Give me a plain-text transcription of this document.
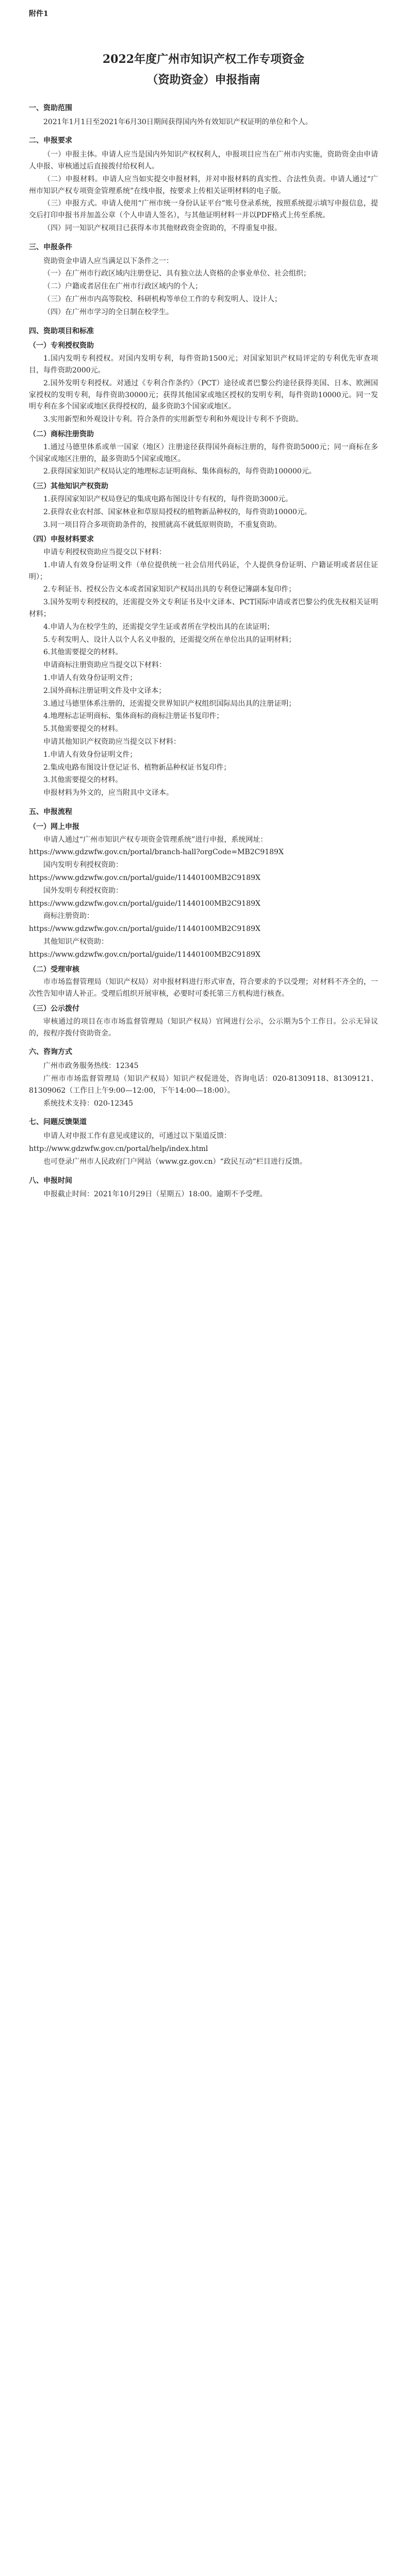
附件1
2022年度广州市知识产权工作专项资金
（资助资金）申报指南
一、资助范围

2021年1月1日至2021年6月30日期间获得国内外有效知识产权证明的单位和个人。

二、申报要求

（一）申报主体。申请人应当是国内外知识产权权利人，申报项目应当在广州市内实施，资助资金由申请人申报、审核通过后直接拨付给权利人。

（二）申报材料。申请人应当如实提交申报材料，并对申报材料的真实性、合法性负责。申请人通过“广州市知识产权专项资金管理系统”在线申报，按要求上传相关证明材料的电子版。

（三）申报方式。申请人使用“广州市统一身份认证平台”账号登录系统，按照系统提示填写申报信息，提交后打印申报书并加盖公章（个人申请人签名），与其他证明材料一并以PDF格式上传至系统。

（四）同一知识产权项目已获得本市其他财政资金资助的，不得重复申报。

三、申报条件

资助资金申请人应当满足以下条件之一：

（一）在广州市行政区域内注册登记、具有独立法人资格的企事业单位、社会组织；

（二）户籍或者居住在广州市行政区域内的个人；

（三）在广州市内高等院校、科研机构等单位工作的专利发明人、设计人；

（四）在广州市学习的全日制在校学生。

四、资助项目和标准
（一）专利授权资助

1.国内发明专利授权。对国内发明专利，每件资助1500元；对国家知识产权局评定的专利优先审查项目，每件资助2000元。

2.国外发明专利授权。对通过《专利合作条约》（PCT）途径或者巴黎公约途径获得美国、日本、欧洲国家授权的发明专利，每件资助30000元；获得其他国家或地区授权的发明专利，每件资助10000元。同一发明专利在多个国家或地区获得授权的，最多资助3个国家或地区。

3.实用新型和外观设计专利。符合条件的实用新型专利和外观设计专利不予资助。

（二）商标注册资助

1.通过马德里体系或单一国家（地区）注册途径获得国外商标注册的，每件资助5000元；同一商标在多个国家或地区注册的，最多资助5个国家或地区。

2.获得国家知识产权局认定的地理标志证明商标、集体商标的，每件资助100000元。

（三）其他知识产权资助

1.获得国家知识产权局登记的集成电路布图设计专有权的，每件资助3000元。

2.获得农业农村部、国家林业和草原局授权的植物新品种权的，每件资助10000元。

3.同一项目符合多项资助条件的，按照就高不就低原则资助，不重复资助。

（四）申报材料要求

申请专利授权资助应当提交以下材料：

1.申请人有效身份证明文件（单位提供统一社会信用代码证，个人提供身份证明、户籍证明或者居住证明）；

2.专利证书、授权公告文本或者国家知识产权局出具的专利登记簿副本复印件；

3.国外发明专利授权的，还需提交外文专利证书及中文译本、PCT国际申请或者巴黎公约优先权相关证明材料；

4.申请人为在校学生的，还需提交学生证或者所在学校出具的在读证明；

5.专利发明人、设计人以个人名义申报的，还需提交所在单位出具的证明材料；

6.其他需要提交的材料。

申请商标注册资助应当提交以下材料：

1.申请人有效身份证明文件；

2.国外商标注册证明文件及中文译本；

3.通过马德里体系注册的，还需提交世界知识产权组织国际局出具的注册证明；

4.地理标志证明商标、集体商标的商标注册证书复印件；

5.其他需要提交的材料。

申请其他知识产权资助应当提交以下材料：

1.申请人有效身份证明文件；

2.集成电路布图设计登记证书、植物新品种权证书复印件；

3.其他需要提交的材料。

申报材料为外文的，应当附具中文译本。

五、申报流程
（一）网上申报

申请人通过“广州市知识产权专项资金管理系统”进行申报，系统网址：

https://www.gdzwfw.gov.cn/portal/branch-hall?orgCode=MB2C9189X

国内发明专利授权资助：

https://www.gdzwfw.gov.cn/portal/guide/11440100MB2C9189X

国外发明专利授权资助：

https://www.gdzwfw.gov.cn/portal/guide/11440100MB2C9189X

商标注册资助：

https://www.gdzwfw.gov.cn/portal/guide/11440100MB2C9189X

其他知识产权资助：

https://www.gdzwfw.gov.cn/portal/guide/11440100MB2C9189X

（二）受理审核

市市场监督管理局（知识产权局）对申报材料进行形式审查，符合要求的予以受理；对材料不齐全的，一次性告知申请人补正。受理后组织开展审核，必要时可委托第三方机构进行核查。

（三）公示拨付

审核通过的项目在市市场监督管理局（知识产权局）官网进行公示，公示期为5个工作日。公示无异议的，按程序拨付资助资金。

六、咨询方式

广州市政务服务热线：12345

广州市市场监督管理局（知识产权局）知识产权促进处，咨询电话：020-81309118、81309121、81309062（工作日上午9:00—12:00，下午14:00—18:00）。

系统技术支持：020-12345

七、问题反馈渠道

申请人对申报工作有意见或建议的，可通过以下渠道反馈：

http://www.gdzwfw.gov.cn/portal/help/index.html

也可登录广州市人民政府门户网站（www.gz.gov.cn）“政民互动”栏目进行反馈。

八、申报时间

申报截止时间：2021年10月29日（星期五）18:00。逾期不予受理。
